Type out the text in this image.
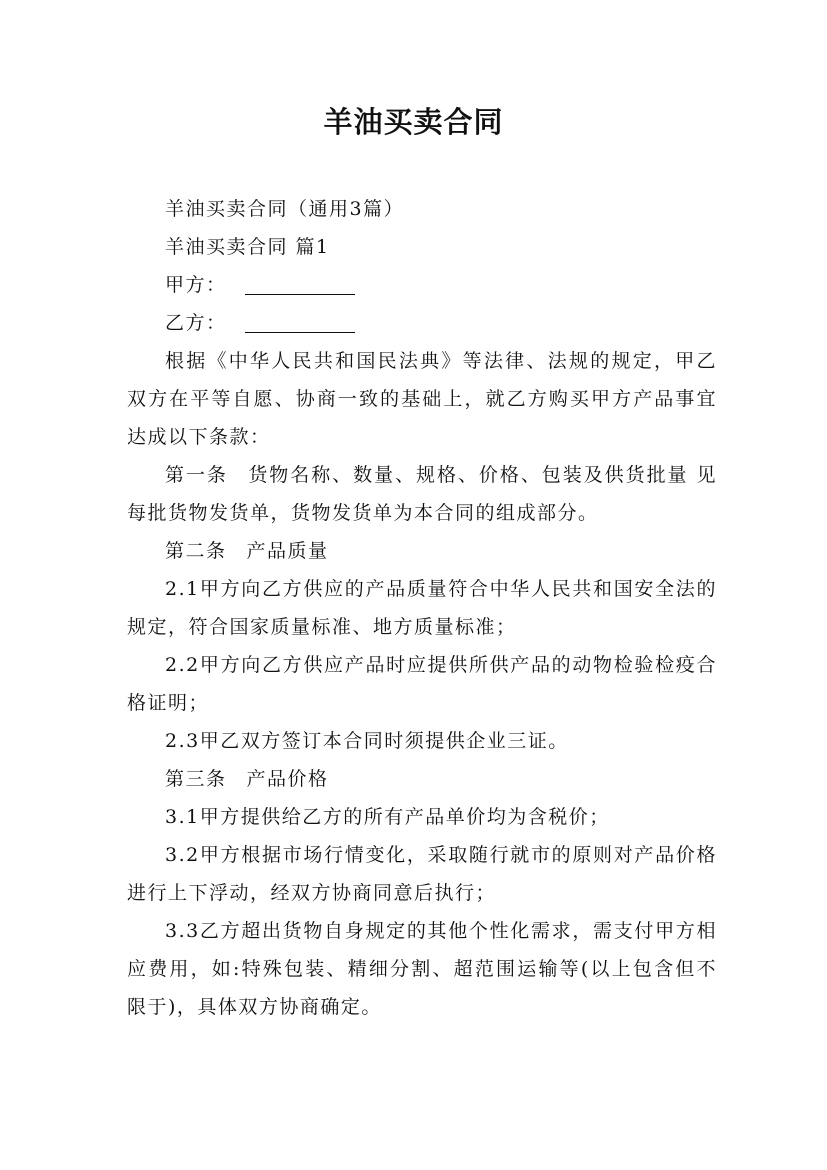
羊油买卖合同

羊油买卖合同（通用3篇）

羊油买卖合同 篇1

甲方：

乙方：

根据《中华人民共和国民法典》等法律、法规的规定，甲乙双方在平等自愿、协商一致的基础上，就乙方购买甲方产品事宜达成以下条款：

第一条 货物名称、数量、规格、价格、包装及供货批量 见每批货物发货单，货物发货单为本合同的组成部分。

第二条 产品质量

2.1甲方向乙方供应的产品质量符合中华人民共和国安全法的规定，符合国家质量标准、地方质量标准；

2.2甲方向乙方供应产品时应提供所供产品的动物检验检疫合格证明；

2.3甲乙双方签订本合同时须提供企业三证。

第三条 产品价格

3.1甲方提供给乙方的所有产品单价均为含税价；

3.2甲方根据市场行情变化，采取随行就市的原则对产品价格进行上下浮动，经双方协商同意后执行；

3.3乙方超出货物自身规定的其他个性化需求，需支付甲方相应费用，如:特殊包装、精细分割、超范围运输等(以上包含但不限于)，具体双方协商确定。
